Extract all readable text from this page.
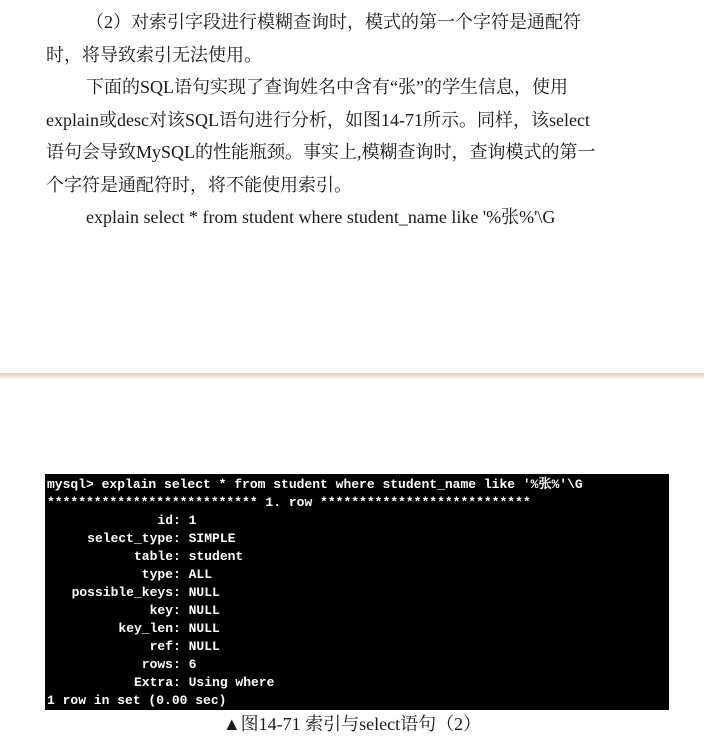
（2）对索引字段进行模糊查询时，模式的第一个字符是通配符
时，将导致索引无法使用。

下面的SQL语句实现了查询姓名中含有“张”的学生信息，使用
explain或desc对该SQL语句进行分析，如图14-71所示。同样，该select
语句会导致MySQL的性能瓶颈。事实上,模糊查询时，查询模式的第一
个字符是通配符时，将不能使用索引。

explain select * from student where student_name like '%张%'\G

mysql> explain select * from student where student_name like '%张%'\G
*************************** 1. row ***************************
id: 1
select_type: SIMPLE
table: student
type: ALL
possible_keys: NULL
key: NULL
key_len: NULL
ref: NULL
rows: 6
Extra: Using where
1 row in set (0.00 sec)
▲图14-71 索引与select语句（2）
